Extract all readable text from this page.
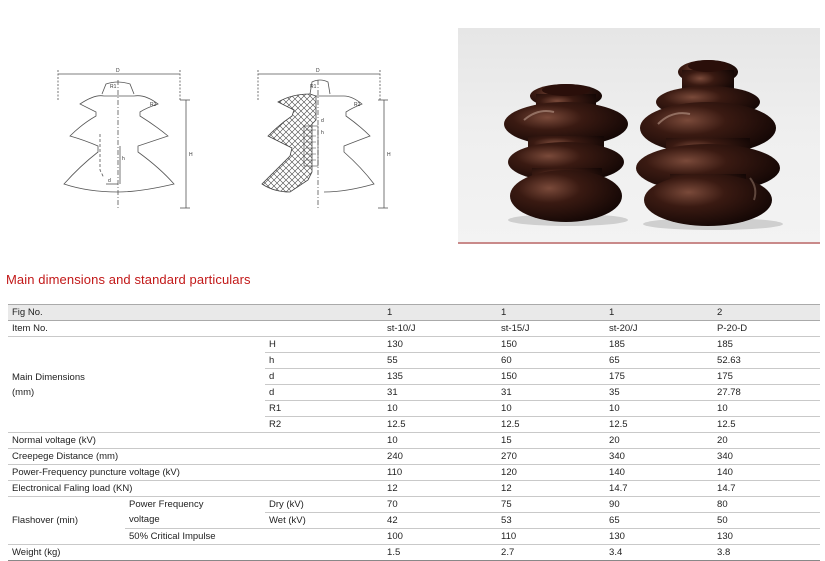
D
R1
R2
H
h
d
D
R1
R2
H
h
d
Main dimensions and standard particulars
Fig No.			1	1	1	2
Item No.			st-10/J	st-15/J	st-20/J	P-20-D

Main Dimensions
(mm)		H	130	150	185	185
		h	55	60	65	52.63
		d	135	150	175	175
		d	31	31	35	27.78
		R1	10	10	10	10
		R2	12.5	12.5	12.5	12.5
Normal voltage (kV)			10	15	20	20
Creepege Distance (mm)			240	270	340	340
Power-Frequency puncture voltage (kV)			110	120	140	140
Electronical Faling load (KN)			12	12	14.7	14.7
Flashover (min)	Power Frequency	Dry (kV)	70	75	90	80
	voltage	Wet (kV)	42	53	65	50
	50% Critical Impulse		100	110	130	130
Weight (kg)			1.5	2.7	3.4	3.8
